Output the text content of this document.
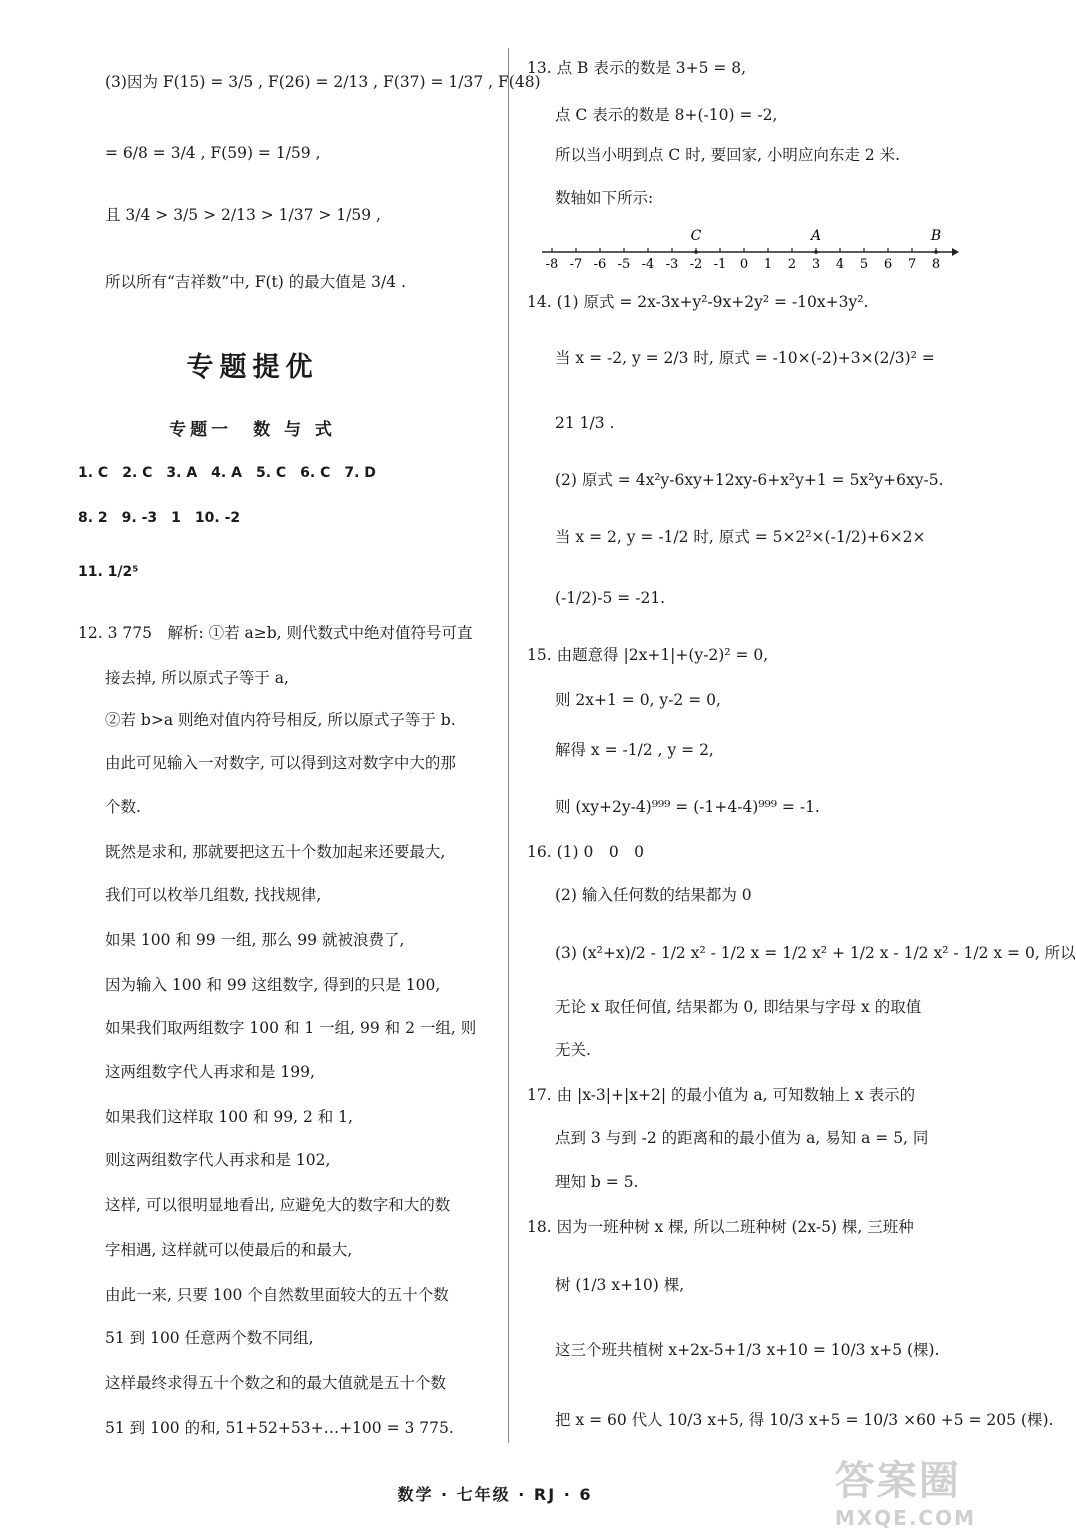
(3)因为 F(15) = 3/5 , F(26) = 2/13 , F(37) = 1/37 , F(48)
= 6/8 = 3/4 , F(59) = 1/59 ,
且 3/4 > 3/5 > 2/13 > 1/37 > 1/59 ,
所以所有“吉祥数”中, F(t) 的最大值是 3/4 .
专题提优
专题一　数 与 式
1. C　2. C　3. A　4. A　5. C　6. C　7. D
8. 2　9. -3　1　10. -2
11. 1/2⁵
12. 3 775　解析: ①若 a≥b, 则代数式中绝对值符号可直
接去掉, 所以原式子等于 a,
②若 b>a 则绝对值内符号相反, 所以原式子等于 b.
由此可见输入一对数字, 可以得到这对数字中大的那
个数.
既然是求和, 那就要把这五十个数加起来还要最大,
我们可以枚举几组数, 找找规律,
如果 100 和 99 一组, 那么 99 就被浪费了,
因为输入 100 和 99 这组数字, 得到的只是 100,
如果我们取两组数字 100 和 1 一组, 99 和 2 一组, 则
这两组数字代人再求和是 199,
如果我们这样取 100 和 99, 2 和 1,
则这两组数字代人再求和是 102,
这样, 可以很明显地看出, 应避免大的数字和大的数
字相遇, 这样就可以使最后的和最大,
由此一来, 只要 100 个自然数里面较大的五十个数
51 到 100 任意两个数不同组,
这样最终求得五十个数之和的最大值就是五十个数
51 到 100 的和, 51+52+53+…+100 = 3 775.
13. 点 B 表示的数是 3+5 = 8,
点 C 表示的数是 8+(-10) = -2,
所以当小明到点 C 时, 要回家, 小明应向东走 2 米.
数轴如下所示:
14. (1) 原式 = 2x-3x+y²-9x+2y² = -10x+3y².
当 x = -2, y = 2/3 时, 原式 = -10×(-2)+3×(2/3)² =
21 1/3 .
(2) 原式 = 4x²y-6xy+12xy-6+x²y+1 = 5x²y+6xy-5.
当 x = 2, y = -1/2 时, 原式 = 5×2²×(-1/2)+6×2×
(-1/2)-5 = -21.
15. 由题意得 |2x+1|+(y-2)² = 0,
则 2x+1 = 0, y-2 = 0,
解得 x = -1/2 , y = 2,
则 (xy+2y-4)⁹⁹⁹ = (-1+4-4)⁹⁹⁹ = -1.
16. (1) 0　0　0
(2) 输入任何数的结果都为 0
(3) (x²+x)/2 - 1/2 x² - 1/2 x = 1/2 x² + 1/2 x - 1/2 x² - 1/2 x = 0, 所以
无论 x 取任何值, 结果都为 0, 即结果与字母 x 的取值
无关.
17. 由 |x-3|+|x+2| 的最小值为 a, 可知数轴上 x 表示的
点到 3 与到 -2 的距离和的最小值为 a, 易知 a = 5, 同
理知 b = 5.
18. 因为一班种树 x 棵, 所以二班种树 (2x-5) 棵, 三班种
树 (1/3 x+10) 棵,
这三个班共植树 x+2x-5+1/3 x+10 = 10/3 x+5 (棵).
把 x = 60 代人 10/3 x+5, 得 10/3 x+5 = 10/3 ×60 +5 = 205 (棵).
-8 -7 -6 -5 -4 -3 -2 -1 0 1 2 3 4 5 6 7 8
C	A	B
数学 · 七年级 · RJ · 6	答案圈
MXQE.COM
